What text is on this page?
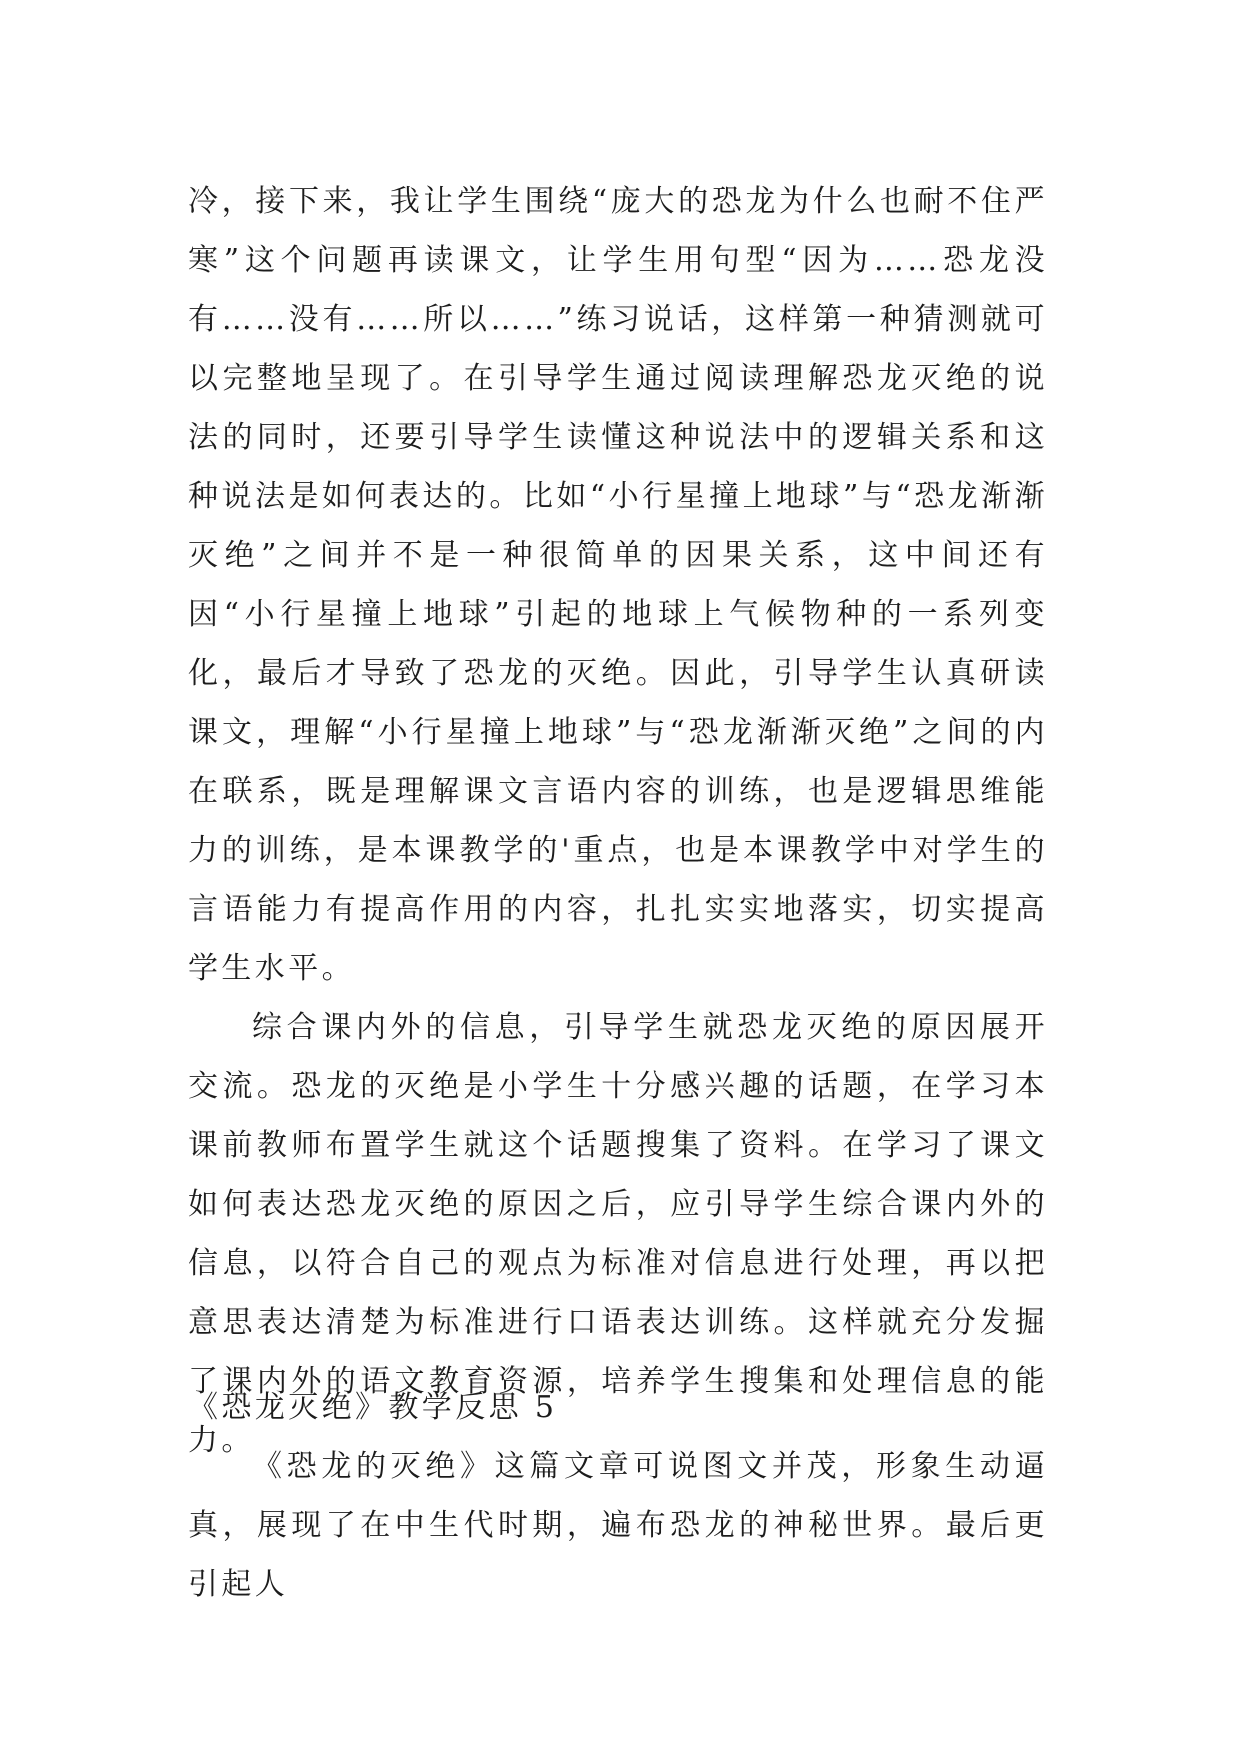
冷，接下来，我让学生围绕“庞大的恐龙为什么也耐不住严寒”这个问题再读课文，让学生用句型“因为……恐龙没有……没有……所以……”练习说话，这样第一种猜测就可以完整地呈现了。在引导学生通过阅读理解恐龙灭绝的说法的同时，还要引导学生读懂这种说法中的逻辑关系和这种说法是如何表达的。比如“小行星撞上地球”与“恐龙渐渐灭绝”之间并不是一种很简单的因果关系，这中间还有因“小行星撞上地球”引起的地球上气候物种的一系列变化，最后才导致了恐龙的灭绝。因此，引导学生认真研读课文，理解“小行星撞上地球”与“恐龙渐渐灭绝”之间的内在联系，既是理解课文言语内容的训练，也是逻辑思维能力的训练，是本课教学的'重点，也是本课教学中对学生的言语能力有提高作用的内容，扎扎实实地落实，切实提高学生水平。

综合课内外的信息，引导学生就恐龙灭绝的原因展开交流。恐龙的灭绝是小学生十分感兴趣的话题，在学习本课前教师布置学生就这个话题搜集了资料。在学习了课文如何表达恐龙灭绝的原因之后，应引导学生综合课内外的信息，以符合自己的观点为标准对信息进行处理，再以把意思表达清楚为标准进行口语表达训练。这样就充分发掘了课内外的语文教育资源，培养学生搜集和处理信息的能力。

《恐龙灭绝》教学反思 5

《恐龙的灭绝》这篇文章可说图文并茂，形象生动逼真，展现了在中生代时期，遍布恐龙的神秘世界。最后更引起人
